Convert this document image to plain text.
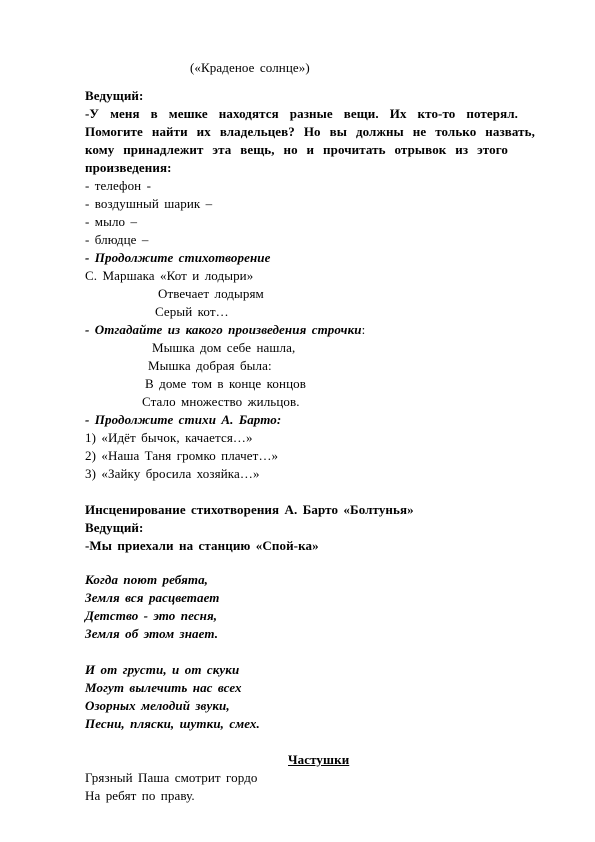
(«Краденое солнце»)
Ведущий:
-У меня в мешке находятся разные вещи. Их кто-то потерял.
Помогите найти их владельцев? Но вы должны не только назвать,
кому принадлежит эта вещь, но и прочитать отрывок из этого
произведения:
- телефон -
- воздушный шарик –
- мыло –
- блюдце –
- Продолжите стихотворение
С. Маршака «Кот и лодыри»
Отвечает лодырям
Серый кот…
- Отгадайте из какого произведения строчки:
Мышка дом себе нашла,
Мышка добрая была:
В доме том в конце концов
Стало множество жильцов.
- Продолжите стихи А. Барто:
1) «Идёт бычок, качается…»
2) «Наша Таня громко плачет…»
3) «Зайку бросила хозяйка…»
Инсценирование стихотворения А. Барто «Болтунья»
Ведущий:
-Мы приехали на станцию «Спой-ка»
Когда поют ребята,
Земля вся расцветает
Детство - это песня,
Земля об этом знает.
И от грусти, и от скуки
Могут вылечить нас всех
Озорных мелодий звуки,
Песни, пляски, шутки, смех.
Частушки
Грязный Паша смотрит гордо
На ребят по праву.
